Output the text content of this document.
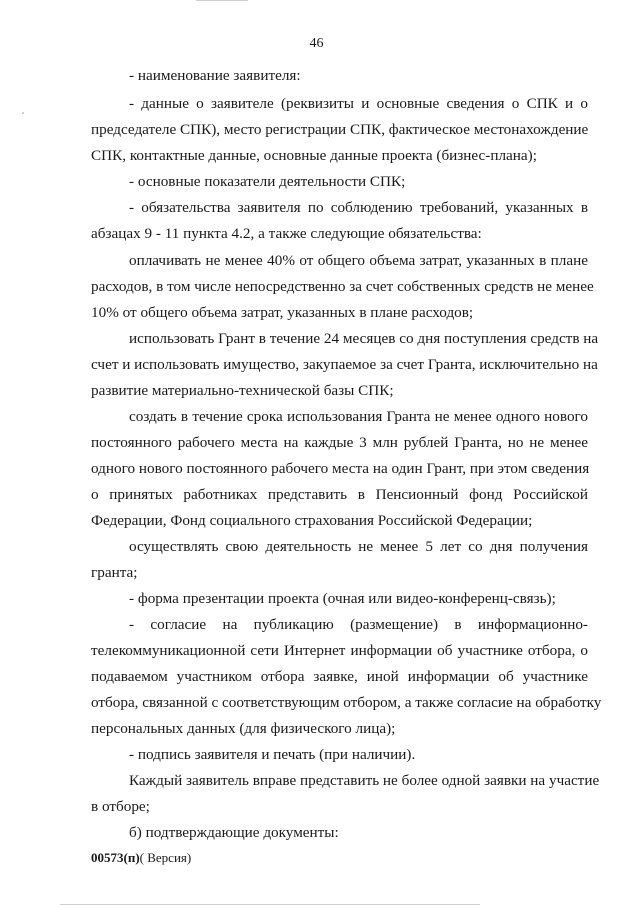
46
- наименование заявителя:
- данные о заявителе (реквизиты и основные сведения о СПК и о
председателе СПК), место регистрации СПК, фактическое местонахождение
СПК, контактные данные, основные данные проекта (бизнес-плана);
- основные показатели деятельности СПК;
- обязательства заявителя по соблюдению требований, указанных в
абзацах 9 - 11 пункта 4.2, а также следующие обязательства:
оплачивать не менее 40% от общего объема затрат, указанных в плане
расходов, в том числе непосредственно за счет собственных средств не менее
10% от общего объема затрат, указанных в плане расходов;
использовать Грант в течение 24 месяцев со дня поступления средств на
счет и использовать имущество, закупаемое за счет Гранта, исключительно на
развитие материально-технической базы СПК;
создать в течение срока использования Гранта не менее одного нового
постоянного рабочего места на каждые 3 млн рублей Гранта, но не менее
одного нового постоянного рабочего места на один Грант, при этом сведения
о принятых работниках представить в Пенсионный фонд Российской
Федерации, Фонд социального страхования Российской Федерации;
осуществлять свою деятельность не менее 5 лет со дня получения
гранта;
- форма презентации проекта (очная или видео-конференц-связь);
- согласие на публикацию (размещение) в информационно-
телекоммуникационной сети Интернет информации об участнике отбора, о
подаваемом участником отбора заявке, иной информации об участнике
отбора, связанной с соответствующим отбором, а также согласие на обработку
персональных данных (для физического лица);
- подпись заявителя и печать (при наличии).
Каждый заявитель вправе представить не более одной заявки на участие
в отборе;
б) подтверждающие документы:
00573(п)( Версия)
